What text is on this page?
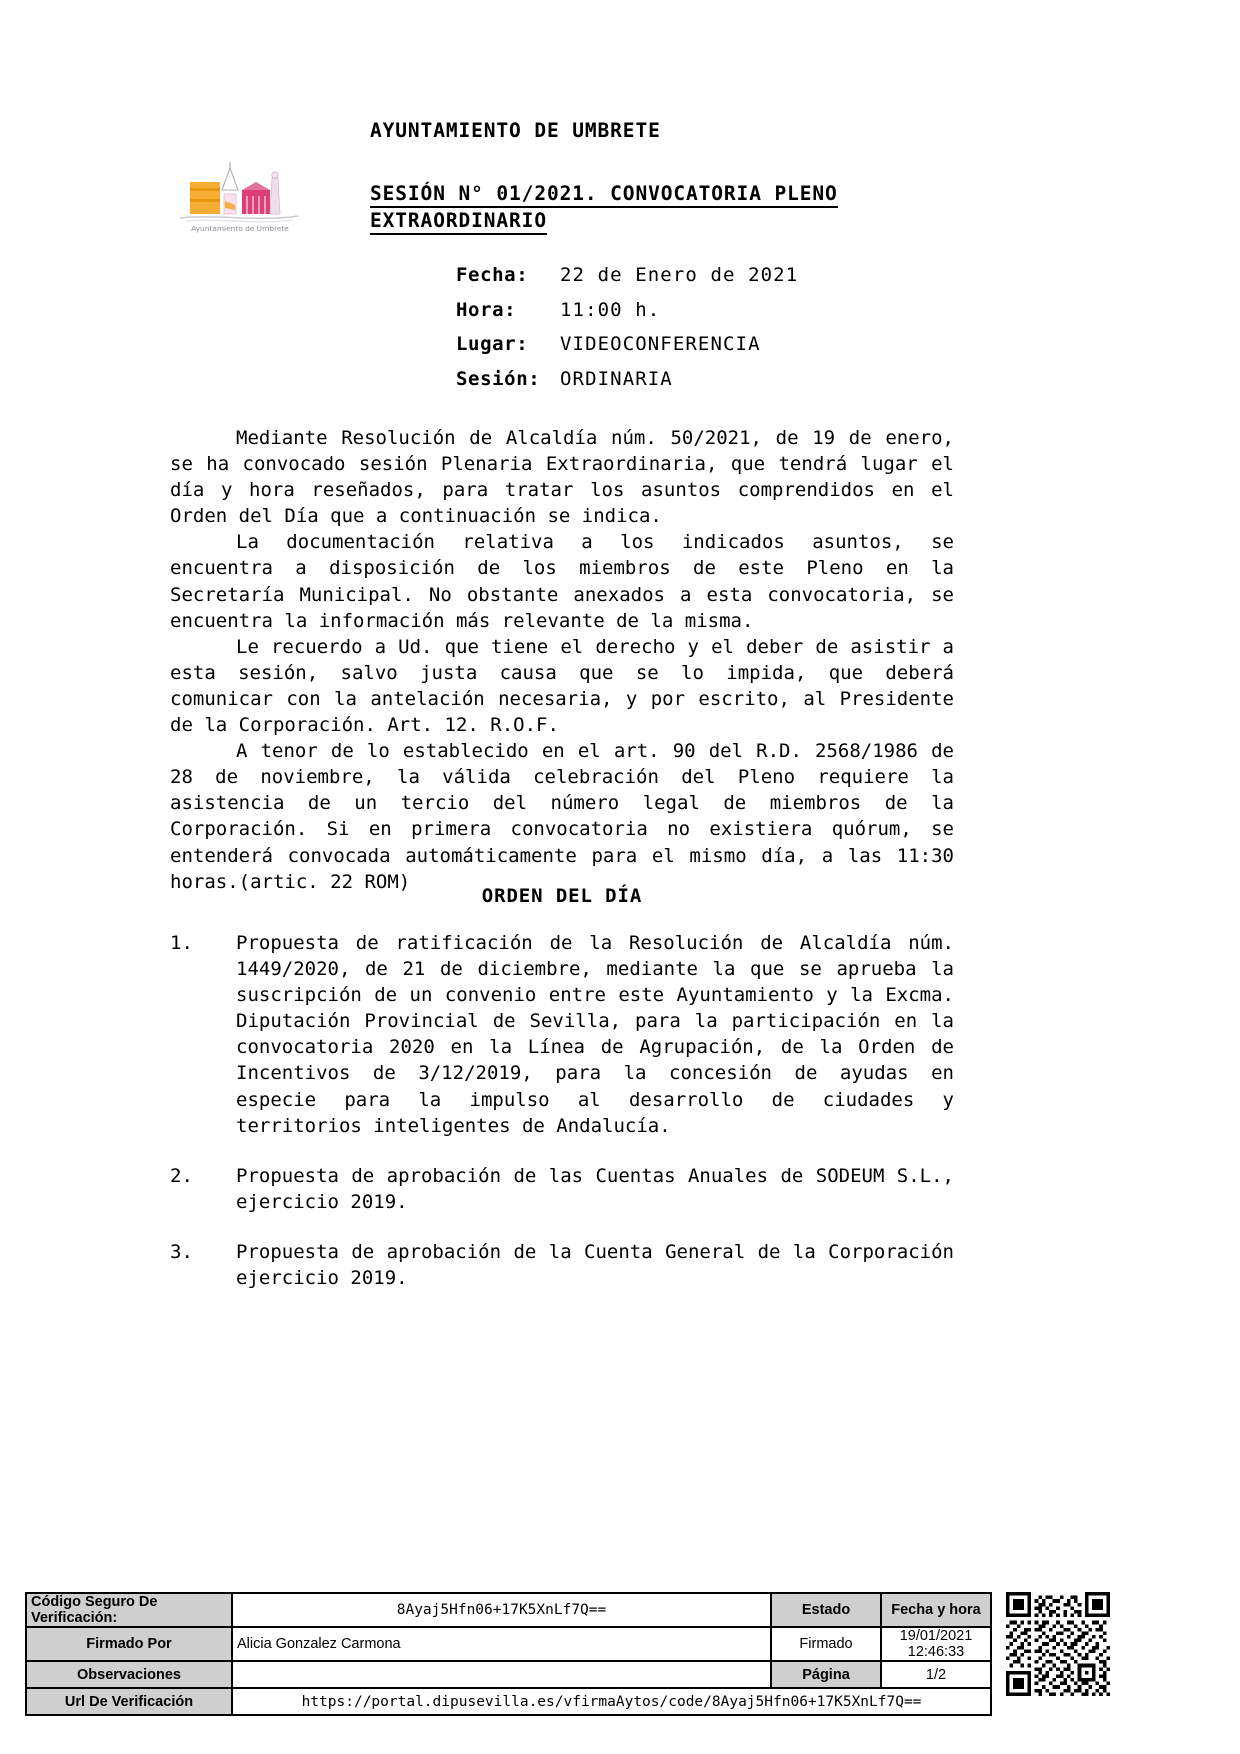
AYUNTAMIENTO DE UMBRETE
Ayuntamiento de Umbrete
SESIÓN N° 01/2021. CONVOCATORIA PLENO
EXTRAORDINARIO
Fecha: 22 de Enero de 2021
Hora: 11:00 h.
Lugar: VIDEOCONFERENCIA
Sesión: ORDINARIA

Mediante Resolución de Alcaldía núm. 50/2021, de 19 de enero, se ha convocado sesión Plenaria Extraordinaria, que tendrá lugar el día y hora reseñados, para tratar los asuntos comprendidos en el Orden del Día que a continuación se indica.

La documentación relativa a los indicados asuntos, se encuentra a disposición de los miembros de este Pleno en la Secretaría Municipal. No obstante anexados a esta convocatoria, se encuentra la información más relevante de la misma.

Le recuerdo a Ud. que tiene el derecho y el deber de asistir a esta sesión, salvo justa causa que se lo impida, que deberá comunicar con la antelación necesaria, y por escrito, al Presidente de la Corporación. Art. 12. R.O.F.

A tenor de lo establecido en el art. 90 del R.D. 2568/1986 de 28 de noviembre, la válida celebración del Pleno requiere la asistencia de un tercio del número legal de miembros de la Corporación. Si en primera convocatoria no existiera quórum, se entenderá convocada automáticamente para el mismo día, a las 11:30 horas.(artic. 22 ROM)

ORDEN DEL DÍA
1. Propuesta de ratificación de la Resolución de Alcaldía núm. 1449/2020, de 21 de diciembre, mediante la que se aprueba la suscripción de un convenio entre este Ayuntamiento y la Excma. Diputación Provincial de Sevilla, para la participación en la convocatoria 2020 en la Línea de Agrupación, de la Orden de Incentivos de 3/12/2019, para la concesión de ayudas en especie para la impulso al desarrollo de ciudades y territorios inteligentes de Andalucía.
2. Propuesta de aprobación de las Cuentas Anuales de SODEUM S.L., ejercicio 2019.
3. Propuesta de aprobación de la Cuenta General de la Corporación ejercicio 2019.
Código Seguro De Verificación:	8Ayaj5Hfn06+17K5XnLf7Q==	Estado	Fecha y hora
Firmado Por	Alicia Gonzalez Carmona	Firmado	19/01/2021 12:46:33
Observaciones		Página	1/2
Url De Verificación	https://portal.dipusevilla.es/vfirmaAytos/code/8Ayaj5Hfn06+17K5XnLf7Q==		
